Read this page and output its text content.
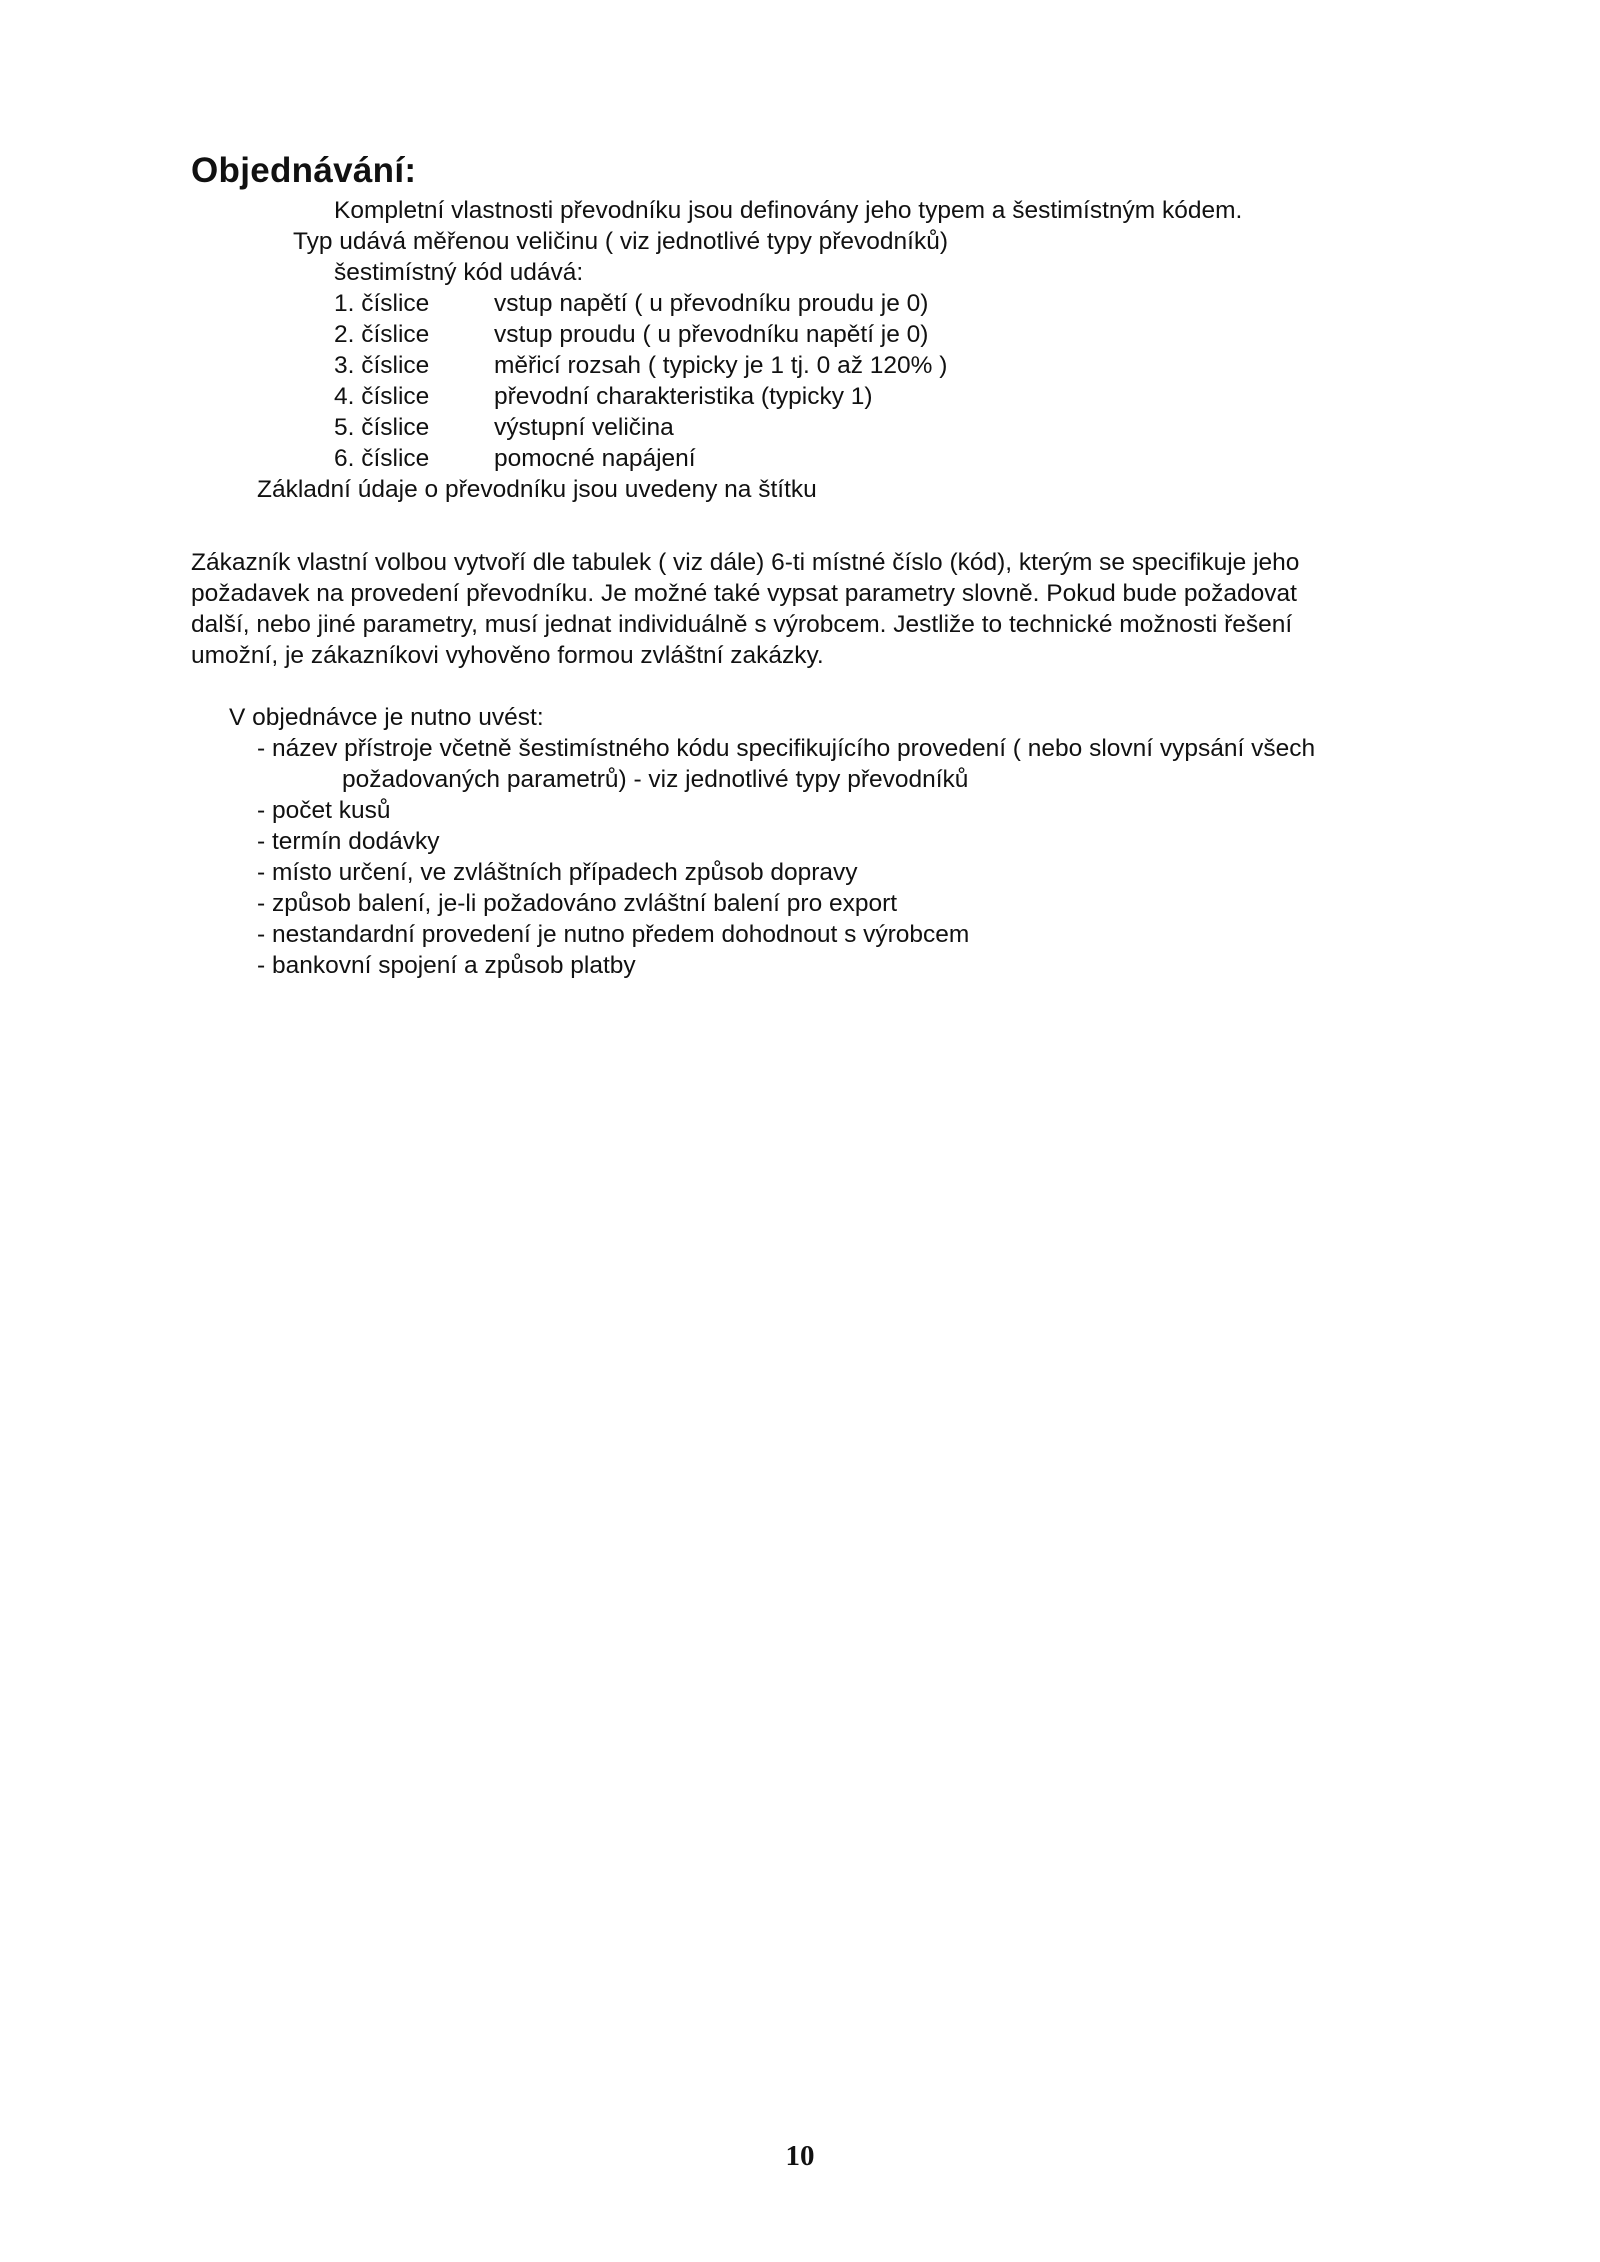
Objednávání:
Kompletní vlastnosti převodníku jsou definovány jeho typem a šestimístným kódem.
Typ udává měřenou veličinu ( viz jednotlivé typy převodníků)
šestimístný kód udává:
1. číslice	vstup napětí ( u převodníku proudu je 0)
2. číslice	vstup proudu ( u převodníku napětí je 0)
3. číslice	měřicí rozsah ( typicky je 1 tj. 0 až 120% )
4. číslice	převodní charakteristika (typicky 1)
5. číslice	výstupní veličina
6. číslice	pomocné napájení
Základní údaje o převodníku jsou uvedeny na štítku
Zákazník vlastní volbou vytvoří dle tabulek ( viz dále) 6-ti místné číslo (kód), kterým se specifikuje jeho
požadavek na provedení převodníku. Je možné také vypsat parametry slovně. Pokud bude požadovat
další, nebo jiné parametry, musí jednat individuálně s výrobcem. Jestliže to technické možnosti řešení
umožní, je zákazníkovi vyhověno formou zvláštní zakázky.
V objednávce je nutno uvést:
- název přístroje včetně šestimístného kódu specifikujícího provedení ( nebo slovní vypsání všech
požadovaných parametrů) - viz jednotlivé typy převodníků
- počet kusů
- termín dodávky
- místo určení, ve zvláštních případech způsob dopravy
- způsob balení, je-li požadováno zvláštní balení pro export
- nestandardní provedení je nutno předem dohodnout s výrobcem
- bankovní spojení a způsob platby
10
